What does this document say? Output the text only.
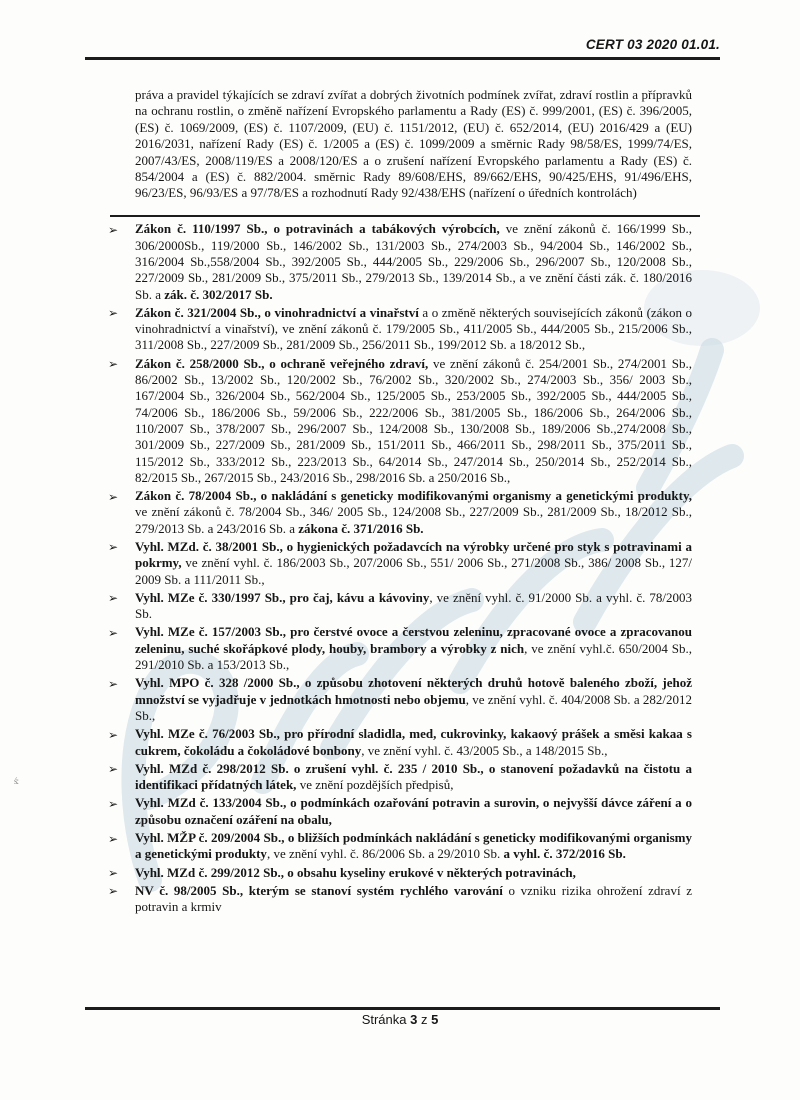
CERT 03 2020 01.01.

práva a pravidel týkajících se zdraví zvířat a dobrých životních podmínek zvířat, zdraví rostlin a přípravků na ochranu rostlin, o změně nařízení Evropského parlamentu a Rady (ES) č. 999/2001, (ES) č. 396/2005, (ES) č. 1069/2009, (ES) č. 1107/2009, (EU) č. 1151/2012, (EU) č. 652/2014, (EU) 2016/429 a (EU) 2016/2031, nařízení Rady (ES) č. 1/2005 a (ES) č. 1099/2009 a směrnic Rady 98/58/ES, 1999/74/ES, 2007/43/ES, 2008/119/ES a 2008/120/ES a o zrušení nařízení Evropského parlamentu a Rady (ES) č. 854/2004 a (ES) č. 882/2004. směrnic Rady 89/608/EHS, 89/662/EHS, 90/425/EHS, 91/496/EHS, 96/23/ES, 96/93/ES a 97/78/ES a rozhodnutí Rady 92/438/EHS (nařízení o úředních kontrolách)

➢ Zákon č. 110/1997 Sb., o potravinách a tabákových výrobcích, ve znění zákonů č. 166/1999 Sb., 306/2000Sb., 119/2000 Sb., 146/2002 Sb., 131/2003 Sb., 274/2003 Sb., 94/2004 Sb., 146/2002 Sb., 316/2004 Sb.,558/2004 Sb., 392/2005 Sb., 444/2005 Sb., 229/2006 Sb., 296/2007 Sb., 120/2008 Sb., 227/2009 Sb., 281/2009 Sb., 375/2011 Sb., 279/2013 Sb., 139/2014 Sb., a ve znění části zák. č. 180/2016 Sb. a zák. č. 302/2017 Sb.
➢ Zákon č. 321/2004 Sb., o vinohradnictví a vinařství a o změně některých souvisejících zákonů (zákon o vinohradnictví a vinařství), ve znění zákonů č. 179/2005 Sb., 411/2005 Sb., 444/2005 Sb., 215/2006 Sb., 311/2008 Sb., 227/2009 Sb., 281/2009 Sb., 256/2011 Sb., 199/2012 Sb. a 18/2012 Sb.,
➢ Zákon č. 258/2000 Sb., o ochraně veřejného zdraví, ve znění zákonů č. 254/2001 Sb., 274/2001 Sb., 86/2002 Sb., 13/2002 Sb., 120/2002 Sb., 76/2002 Sb., 320/2002 Sb., 274/2003 Sb., 356/ 2003 Sb., 167/2004 Sb., 326/2004 Sb., 562/2004 Sb., 125/2005 Sb., 253/2005 Sb., 392/2005 Sb., 444/2005 Sb., 74/2006 Sb., 186/2006 Sb., 59/2006 Sb., 222/2006 Sb., 381/2005 Sb., 186/2006 Sb., 264/2006 Sb., 110/2007 Sb., 378/2007 Sb., 296/2007 Sb., 124/2008 Sb., 130/2008 Sb., 189/2006 Sb.,274/2008 Sb., 301/2009 Sb., 227/2009 Sb., 281/2009 Sb., 151/2011 Sb., 466/2011 Sb., 298/2011 Sb., 375/2011 Sb., 115/2012 Sb., 333/2012 Sb., 223/2013 Sb., 64/2014 Sb., 247/2014 Sb., 250/2014 Sb., 252/2014 Sb., 82/2015 Sb., 267/2015 Sb., 243/2016 Sb., 298/2016 Sb. a 250/2016 Sb.,
➢ Zákon č. 78/2004 Sb., o nakládání s geneticky modifikovanými organismy a genetickými produkty, ve znění zákonů č. 78/2004 Sb., 346/ 2005 Sb., 124/2008 Sb., 227/2009 Sb., 281/2009 Sb., 18/2012 Sb., 279/2013 Sb. a 243/2016 Sb. a zákona č. 371/2016 Sb.
➢ Vyhl. MZd. č. 38/2001 Sb., o hygienických požadavcích na výrobky určené pro styk s potravinami a pokrmy, ve znění vyhl. č. 186/2003 Sb., 207/2006 Sb., 551/ 2006 Sb., 271/2008 Sb., 386/ 2008 Sb., 127/ 2009 Sb. a 111/2011 Sb.,
➢ Vyhl. MZe č. 330/1997 Sb., pro čaj, kávu a kávoviny, ve znění vyhl. č. 91/2000 Sb. a vyhl. č. 78/2003 Sb.
➢ Vyhl. MZe č. 157/2003 Sb., pro čerstvé ovoce a čerstvou zeleninu, zpracované ovoce a zpracovanou zeleninu, suché skořápkové plody, houby, brambory a výrobky z nich, ve znění vyhl.č. 650/2004 Sb., 291/2010 Sb. a 153/2013 Sb.,
➢ Vyhl. MPO č. 328 /2000 Sb., o způsobu zhotovení některých druhů hotově baleného zboží, jehož množství se vyjadřuje v jednotkách hmotnosti nebo objemu, ve znění vyhl. č. 404/2008 Sb. a 282/2012 Sb.,
➢ Vyhl. MZe č. 76/2003 Sb., pro přírodní sladidla, med, cukrovinky, kakaový prášek a směsi kakaa s cukrem, čokoládu a čokoládové bonbony, ve znění vyhl. č. 43/2005 Sb., a 148/2015 Sb.,
➢ Vyhl. MZd č. 298/2012 Sb. o zrušení vyhl. č. 235 / 2010 Sb., o stanovení požadavků na čistotu a identifikaci přídatných látek, ve znění pozdějších předpisů,
➢ Vyhl. MZd č. 133/2004 Sb., o podmínkách ozařování potravin a surovin, o nejvyšší dávce záření a o způsobu označení ozáření na obalu,
➢ Vyhl. MŽP č. 209/2004 Sb., o bližších podmínkách nakládání s geneticky modifikovanými organismy a genetickými produkty, ve znění vyhl. č. 86/2006 Sb. a 29/2010 Sb. a vyhl. č. 372/2016 Sb.
➢ Vyhl. MZd č. 299/2012 Sb., o obsahu kyseliny erukové v některých potravinách,
➢ NV č. 98/2005 Sb., kterým se stanoví systém rychlého varování o vzniku rizika ohrožení zdraví z potravin a krmiv
Stránka 3 z 5
ś:
